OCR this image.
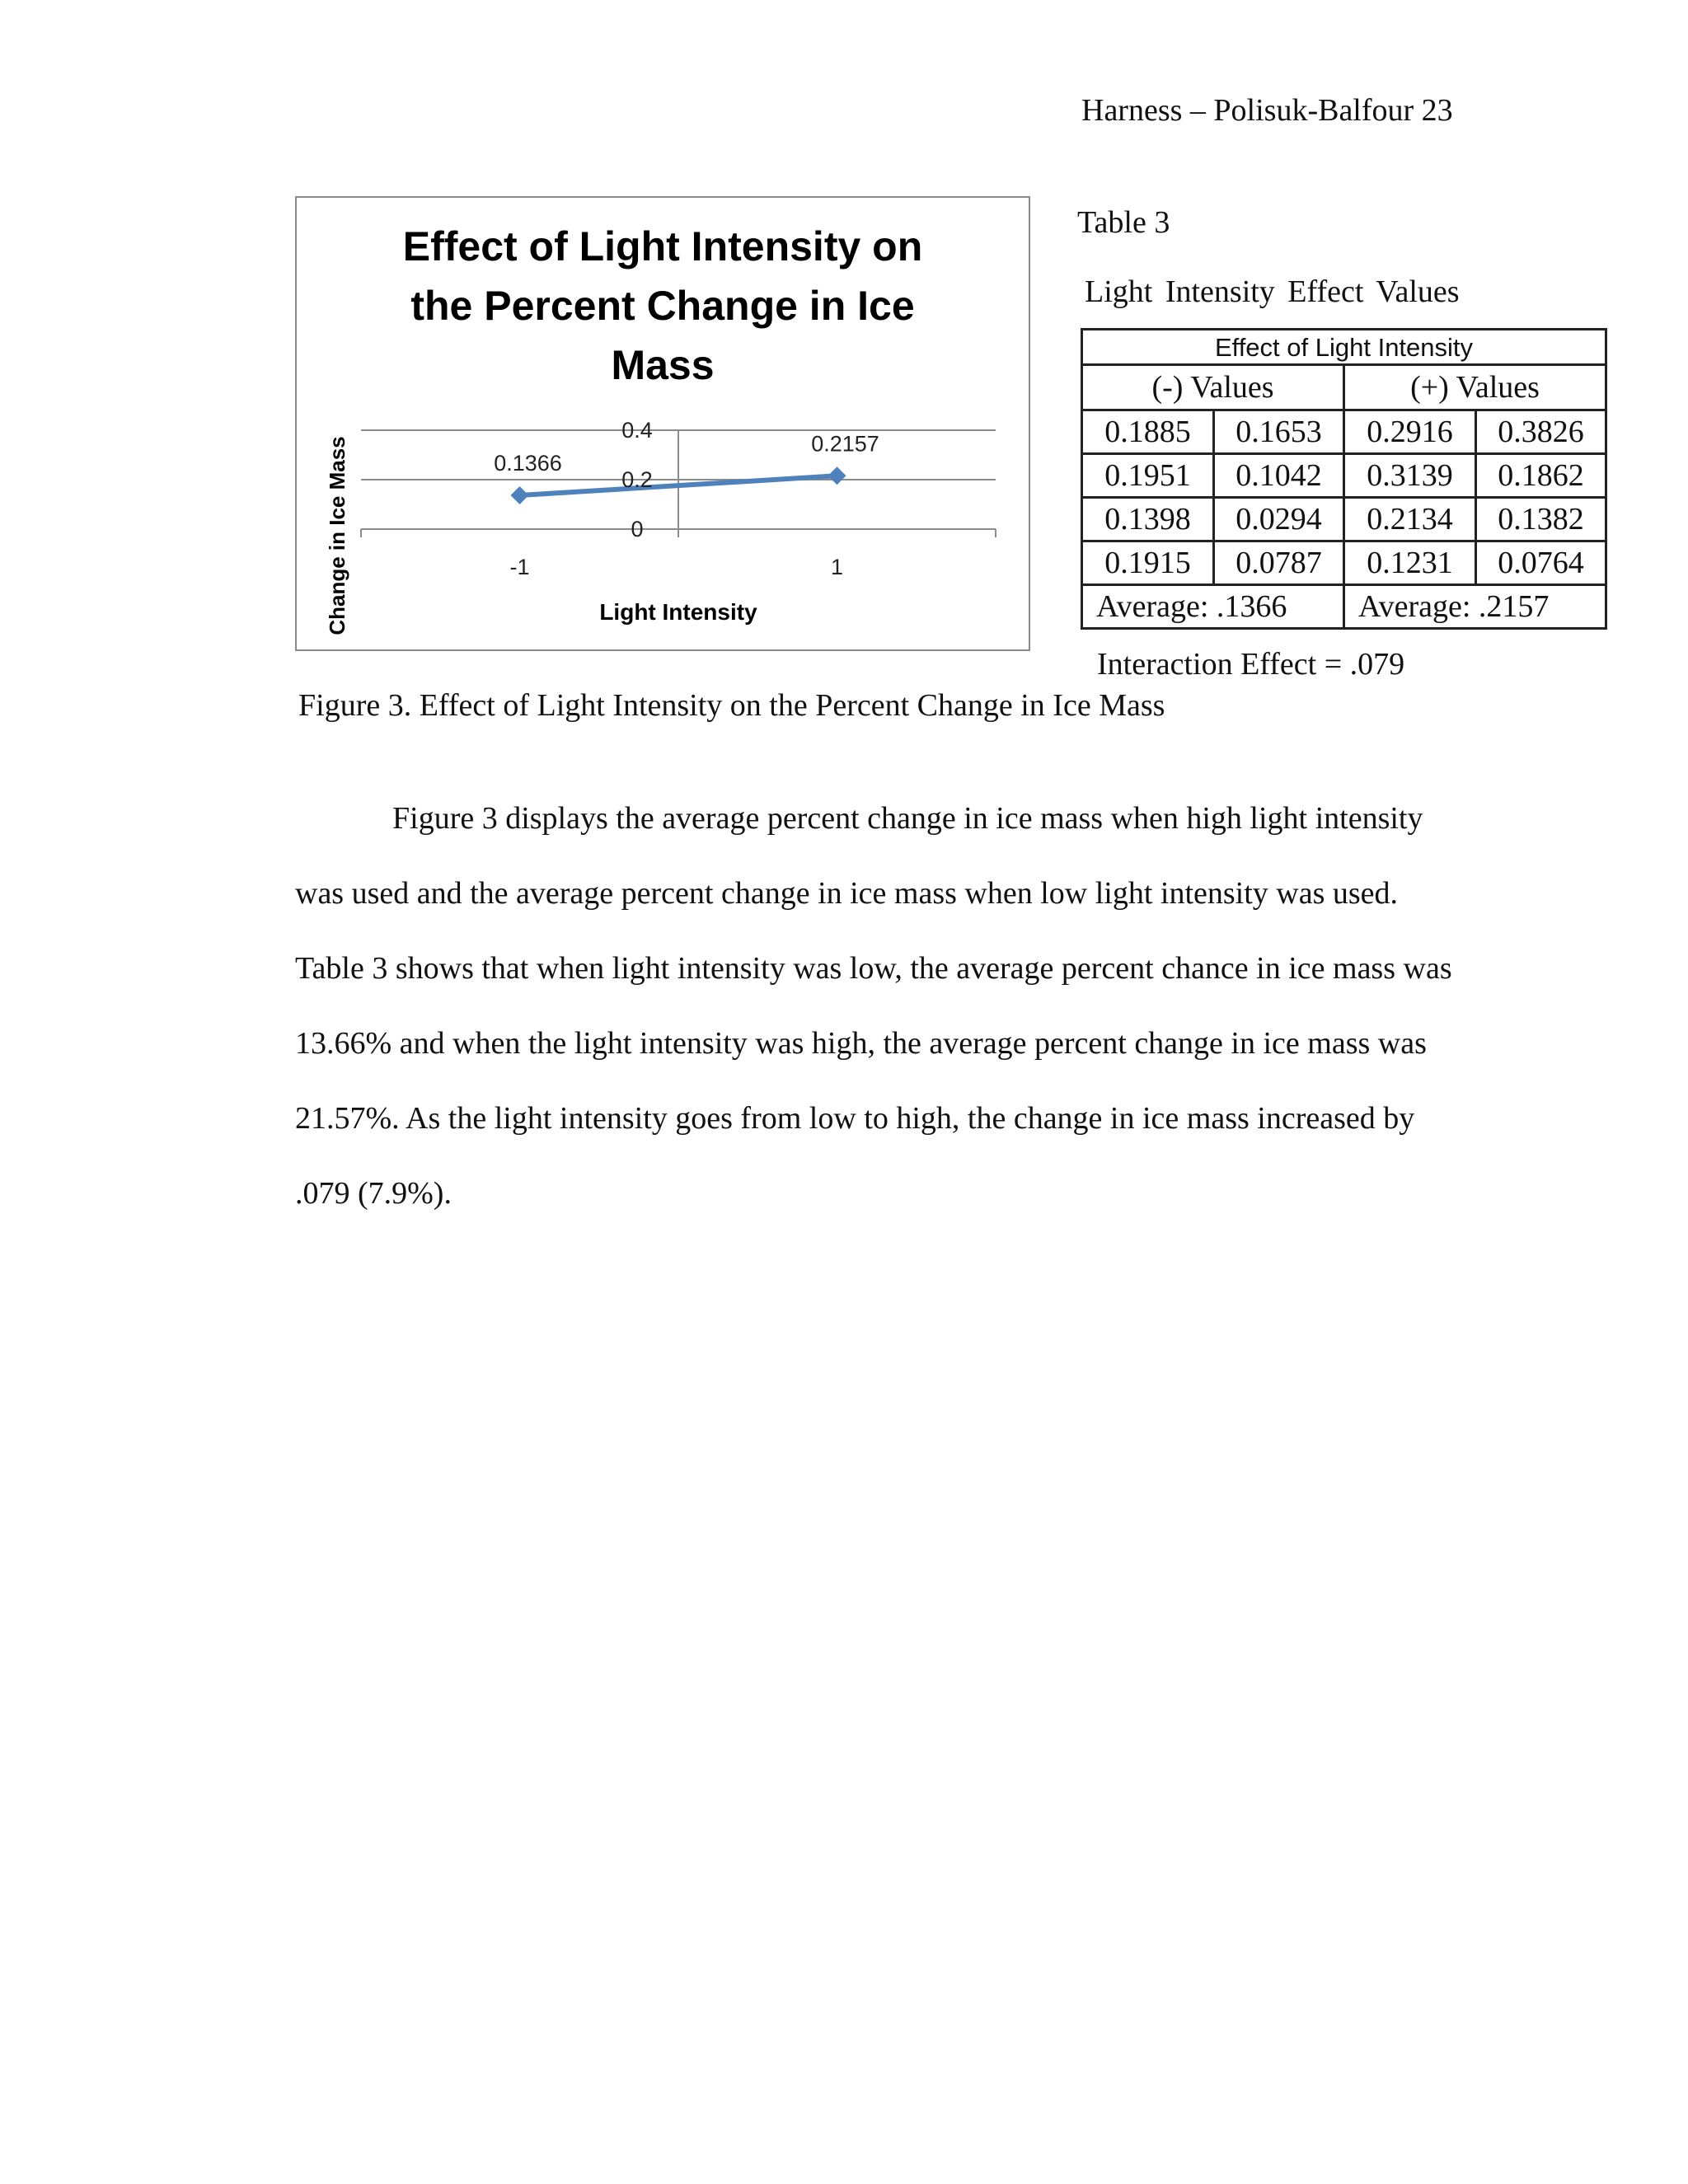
Harness – Polisuk-Balfour 23
Effect of Light Intensity on
the Percent Change in Ice
Mass
0
0.2
0.4
-1	1
Light Intensity
Change in Ice Mass	0.1366
0.2157
Table 3
Light Intensity Effect Values
Effect of Light Intensity			
(-) Values		(+) Values	
0.1885	0.1653	0.2916	0.3826
0.1951	0.1042	0.3139	0.1862
0.1398	0.0294	0.2134	0.1382
0.1915	0.0787	0.1231	0.0764
Average: .1366		Average: .2157	
Interaction Effect = .079
Figure 3. Effect of Light Intensity on the Percent Change in Ice Mass

Figure 3 displays the average percent change in ice mass when high light intensity was used and the average percent change in ice mass when low light intensity was used. Table 3 shows that when light intensity was low, the average percent chance in ice mass was 13.66% and when the light intensity was high, the average percent change in ice mass was 21.57%. As the light intensity goes from low to high, the change in ice mass increased by .079 (7.9%).
